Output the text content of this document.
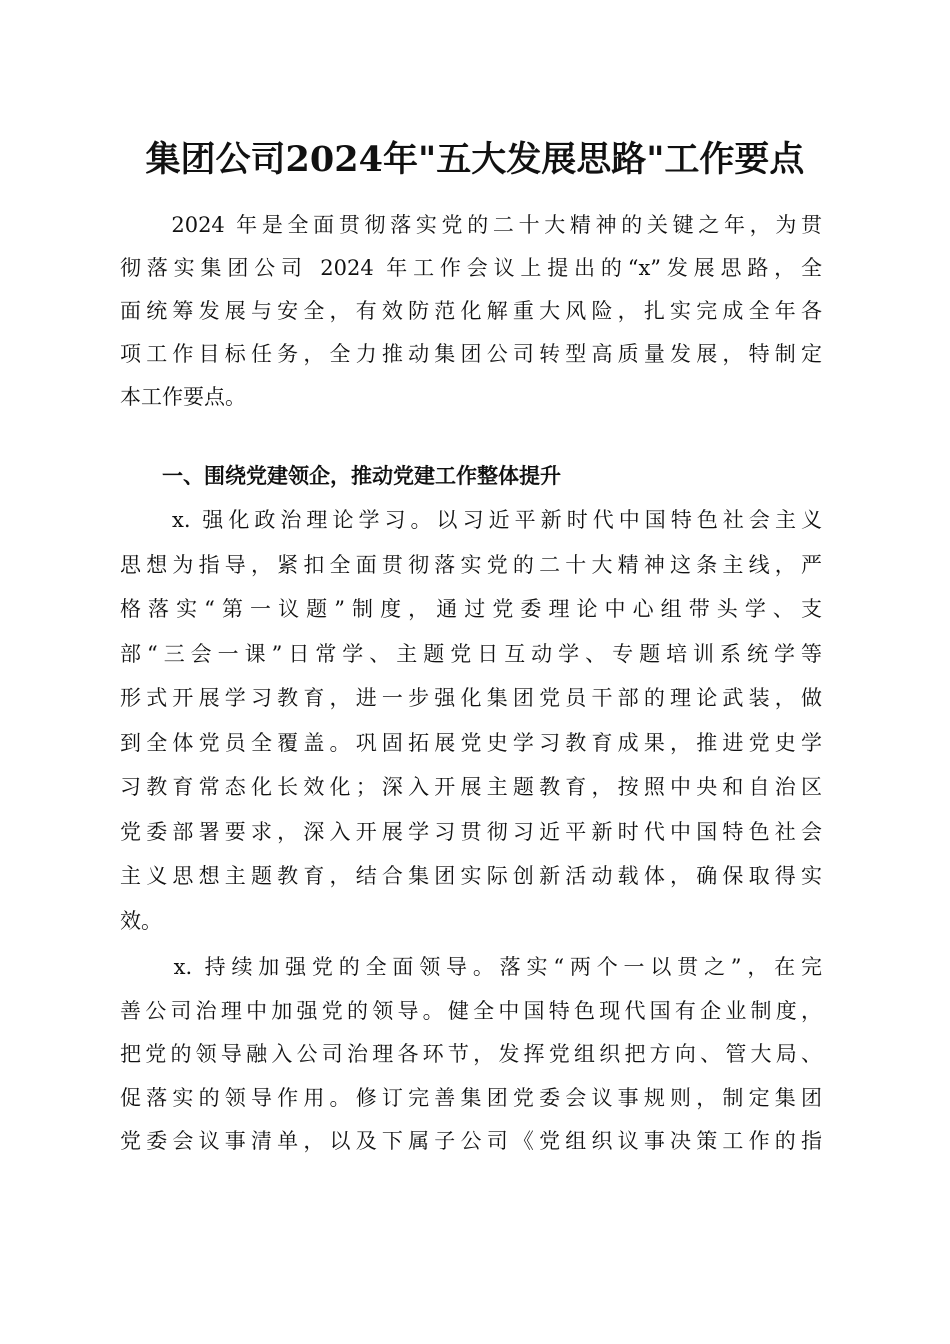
集团公司2024年"五大发展思路"工作要点
　　2024 年是全面贯彻落实党的二十大精神的关键之年，为贯
彻落实集团公司 2024 年工作会议上提出的“x”发展思路，全
面统筹发展与安全，有效防范化解重大风险，扎实完成全年各
项工作目标任务，全力推动集团公司转型高质量发展，特制定
本工作要点。
　　一、围绕党建领企，推动党建工作整体提升
　　x. 强化政治理论学习。以习近平新时代中国特色社会主义
思想为指导，紧扣全面贯彻落实党的二十大精神这条主线，严
格落实“第一议题”制度，通过党委理论中心组带头学、支
部“三会一课”日常学、主题党日互动学、专题培训系统学等
形式开展学习教育，进一步强化集团党员干部的理论武装，做
到全体党员全覆盖。巩固拓展党史学习教育成果，推进党史学
习教育常态化长效化；深入开展主题教育，按照中央和自治区
党委部署要求，深入开展学习贯彻习近平新时代中国特色社会
主义思想主题教育，结合集团实际创新活动载体，确保取得实
效。
　　x. 持续加强党的全面领导。落实“两个一以贯之”，在完
善公司治理中加强党的领导。健全中国特色现代国有企业制度，
把党的领导融入公司治理各环节，发挥党组织把方向、管大局、
促落实的领导作用。修订完善集团党委会议事规则，制定集团
党委会议事清单，以及下属子公司《党组织议事决策工作的指
